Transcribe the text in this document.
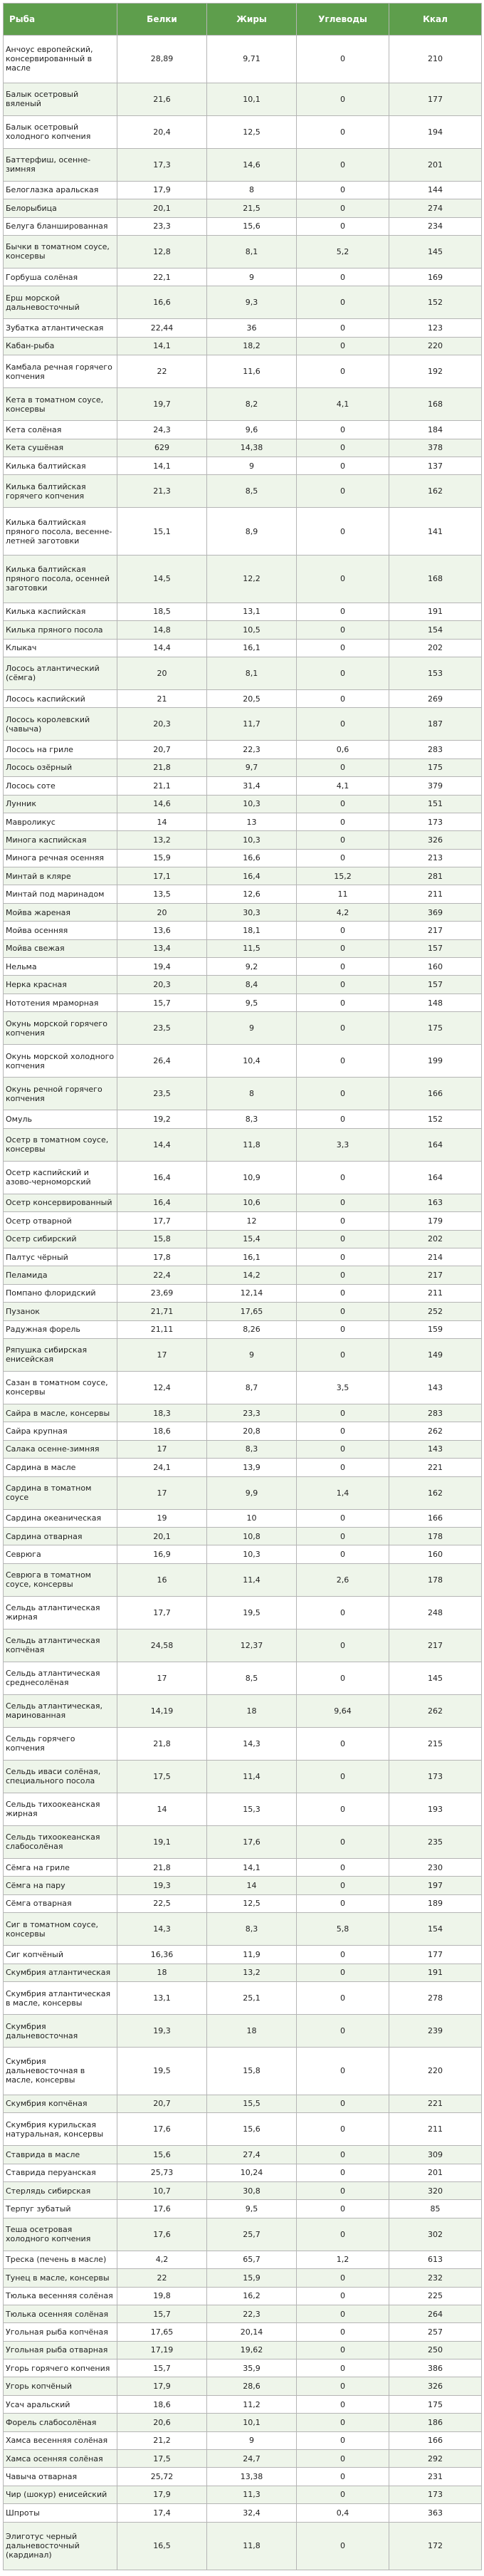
Рыба	Белки	Жиры	Углеводы	Ккал
Анчоус европейский, консервированный в масле	28,89	9,71	0	210
Балык осетровый вяленый	21,6	10,1	0	177
Балык осетровый холодного копчения	20,4	12,5	0	194
Баттерфиш, осенне-зимняя	17,3	14,6	0	201
Белоглазка аральская	17,9	8	0	144
Белорыбица	20,1	21,5	0	274
Белуга бланшированная	23,3	15,6	0	234
Бычки в томатном соусе, консервы	12,8	8,1	5,2	145
Горбуша солёная	22,1	9	0	169
Ерш морской дальневосточный	16,6	9,3	0	152
Зубатка атлантическая	22,44	36	0	123
Кабан-рыба	14,1	18,2	0	220
Камбала речная горячего копчения	22	11,6	0	192
Кета в томатном соусе, консервы	19,7	8,2	4,1	168
Кета солёная	24,3	9,6	0	184
Кета сушёная	629	14,38	0	378
Килька балтийская	14,1	9	0	137
Килька балтийская горячего копчения	21,3	8,5	0	162
Килька балтийская пряного посола, весенне-летней заготовки	15,1	8,9	0	141
Килька балтийская пряного посола, осенней заготовки	14,5	12,2	0	168
Килька каспийская	18,5	13,1	0	191
Килька пряного посола	14,8	10,5	0	154
Клыкач	14,4	16,1	0	202
Лосось атлантический (сёмга)	20	8,1	0	153
Лосось каспийский	21	20,5	0	269
Лосось королевский (чавыча)	20,3	11,7	0	187
Лосось на гриле	20,7	22,3	0,6	283
Лосось озёрный	21,8	9,7	0	175
Лосось соте	21,1	31,4	4,1	379
Лунник	14,6	10,3	0	151
Мавроликус	14	13	0	173
Минога каспийская	13,2	10,3	0	326
Минога речная осенняя	15,9	16,6	0	213
Минтай в кляре	17,1	16,4	15,2	281
Минтай под маринадом	13,5	12,6	11	211
Мойва жареная	20	30,3	4,2	369
Мойва осенняя	13,6	18,1	0	217
Мойва свежая	13,4	11,5	0	157
Нельма	19,4	9,2	0	160
Нерка красная	20,3	8,4	0	157
Нототения мраморная	15,7	9,5	0	148
Окунь морской горячего копчения	23,5	9	0	175
Окунь морской холодного копчения	26,4	10,4	0	199
Окунь речной горячего копчения	23,5	8	0	166
Омуль	19,2	8,3	0	152
Осетр в томатном соусе, консервы	14,4	11,8	3,3	164
Осетр каспийский и азово-черноморский	16,4	10,9	0	164
Осетр консервированный	16,4	10,6	0	163
Осетр отварной	17,7	12	0	179
Осетр сибирский	15,8	15,4	0	202
Палтус чёрный	17,8	16,1	0	214
Пеламида	22,4	14,2	0	217
Помпано флоридский	23,69	12,14	0	211
Пузанок	21,71	17,65	0	252
Радужная форель	21,11	8,26	0	159
Ряпушка сибирская енисейская	17	9	0	149
Сазан в томатном соусе, консервы	12,4	8,7	3,5	143
Сайра в масле, консервы	18,3	23,3	0	283
Сайра крупная	18,6	20,8	0	262
Салака осенне-зимняя	17	8,3	0	143
Сардина в масле	24,1	13,9	0	221
Сардина в томатном соусе	17	9,9	1,4	162
Сардина океаническая	19	10	0	166
Сардина отварная	20,1	10,8	0	178
Севрюга	16,9	10,3	0	160
Севрюга в томатном соусе, консервы	16	11,4	2,6	178
Сельдь атлантическая жирная	17,7	19,5	0	248
Сельдь атлантическая копчёная	24,58	12,37	0	217
Сельдь атлантическая среднесолёная	17	8,5	0	145
Сельдь атлантическая, маринованная	14,19	18	9,64	262
Сельдь горячего копчения	21,8	14,3	0	215
Сельдь иваси солёная, специального посола	17,5	11,4	0	173
Сельдь тихоокеанская жирная	14	15,3	0	193
Сельдь тихоокеанская слабосолёная	19,1	17,6	0	235
Сёмга на гриле	21,8	14,1	0	230
Сёмга на пару	19,3	14	0	197
Сёмга отварная	22,5	12,5	0	189
Сиг в томатном соусе, консервы	14,3	8,3	5,8	154
Сиг копчёный	16,36	11,9	0	177
Скумбрия атлантическая	18	13,2	0	191
Скумбрия атлантическая в масле, консервы	13,1	25,1	0	278
Скумбрия дальневосточная	19,3	18	0	239
Скумбрия дальневосточная в масле, консервы	19,5	15,8	0	220
Скумбрия копчёная	20,7	15,5	0	221
Скумбрия курильская натуральная, консервы	17,6	15,6	0	211
Ставрида в масле	15,6	27,4	0	309
Ставрида перуанская	25,73	10,24	0	201
Стерлядь сибирская	10,7	30,8	0	320
Терпуг зубатый	17,6	9,5	0	85
Теша осетровая холодного копчения	17,6	25,7	0	302
Треска (печень в масле)	4,2	65,7	1,2	613
Тунец в масле, консервы	22	15,9	0	232
Тюлька весенняя солёная	19,8	16,2	0	225
Тюлька осенняя солёная	15,7	22,3	0	264
Угольная рыба копчёная	17,65	20,14	0	257
Угольная рыба отварная	17,19	19,62	0	250
Угорь горячего копчения	15,7	35,9	0	386
Угорь копчёный	17,9	28,6	0	326
Усач аральский	18,6	11,2	0	175
Форель слабосолёная	20,6	10,1	0	186
Хамса весенняя солёная	21,2	9	0	166
Хамса осенняя солёная	17,5	24,7	0	292
Чавыча отварная	25,72	13,38	0	231
Чир (шокур) енисейский	17,9	11,3	0	173
Шпроты	17,4	32,4	0,4	363
Элиготус черный дальневосточный (кардинал)	16,5	11,8	0	172
